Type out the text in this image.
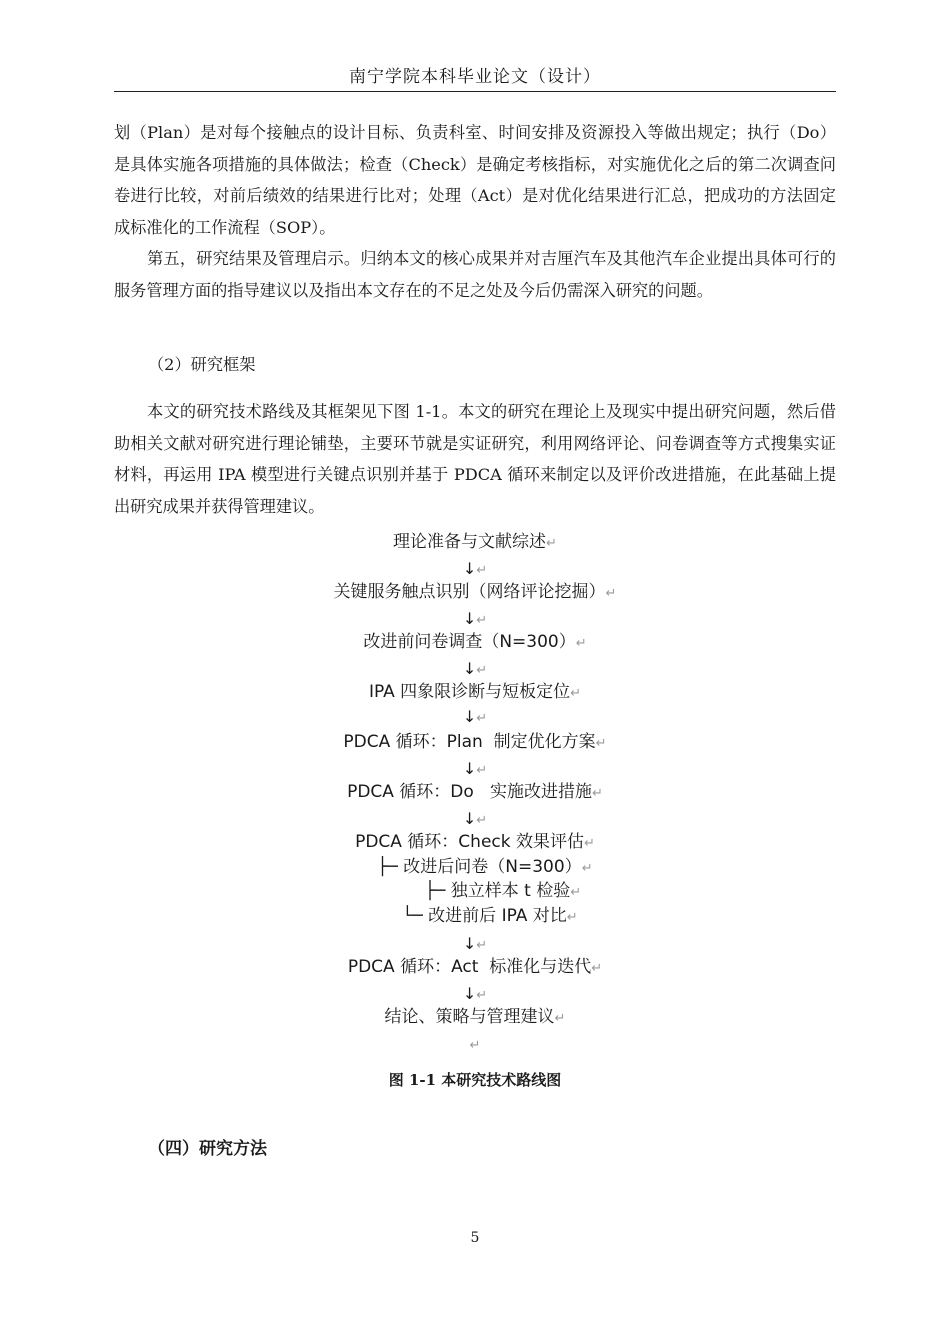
南宁学院本科毕业论文（设计）

划（Plan）是对每个接触点的设计目标、负责科室、时间安排及资源投入等做出规定；执行（Do）是具体实施各项措施的具体做法；检查（Check）是确定考核指标，对实施优化之后的第二次调查问卷进行比较，对前后绩效的结果进行比对；处理（Act）是对优化结果进行汇总，把成功的方法固定成标准化的工作流程（SOP）。

第五，研究结果及管理启示。归纳本文的核心成果并对吉厘汽车及其他汽车企业提出具体可行的服务管理方面的指导建议以及指出本文存在的不足之处及今后仍需深入研究的问题。

（2）研究框架

本文的研究技术路线及其框架见下图 1-1。本文的研究在理论上及现实中提出研究问题，然后借助相关文献对研究进行理论铺垫，主要环节就是实证研究，利用网络评论、问卷调查等方式搜集实证材料，再运用 IPA 模型进行关键点识别并基于 PDCA 循环来制定以及评价改进措施，在此基础上提出研究成果并获得管理建议。

理论准备与文献综述↵
↓↵
关键服务触点识别（网络评论挖掘）↵
↓↵
改进前问卷调查（N=300）↵
↓↵
IPA 四象限诊断与短板定位↵
↓↵
PDCA 循环：Plan  制定优化方案↵
↓↵
PDCA 循环：Do   实施改进措施↵
↓↵
PDCA 循环：Check 效果评估↵
├─ 改进后问卷（N=300）↵
├─ 独立样本 t 检验↵
└─ 改进前后 IPA 对比↵
↓↵
PDCA 循环：Act  标准化与迭代↵
↓↵
结论、策略与管理建议↵
↵
图 1-1 本研究技术路线图
（四）研究方法
5
